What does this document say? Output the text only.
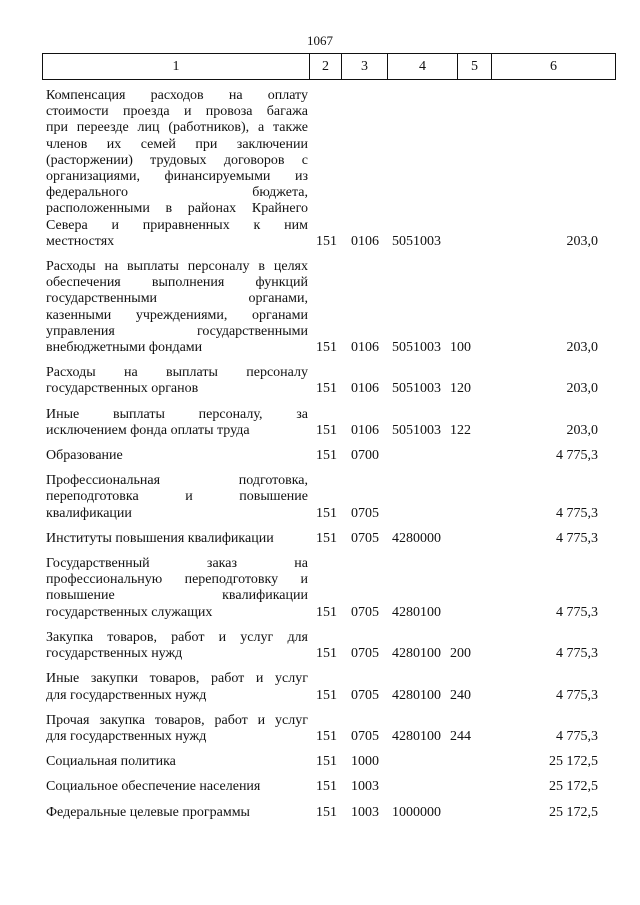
1067
1	2	3	4	5	6
Компенсация расходов на оплату
стоимости проезда и провоза багажа
при переезде лиц (работников), а также
членов их семей при заключении
(расторжении) трудовых договоров с
организациями, финансируемыми из
федерального бюджета,
расположенными в районах Крайнего
Севера и приравненных к ним
местностях	151 0106 5051003	203,0
Расходы на выплаты персоналу в целях
обеспечения выполнения функций
государственными органами,
казенными учреждениями, органами
управления государственными
внебюджетными фондами	151 0106 5051003 100	203,0
Расходы на выплаты персоналу
государственных органов	151 0106 5051003 120	203,0
Иные выплаты персоналу, за
исключением фонда оплаты труда	151 0106 5051003 122	203,0
Образование	151 0700	4 775,3
Профессиональная подготовка,
переподготовка и повышение
квалификации	151 0705	4 775,3
Институты повышения квалификации	151 0705 4280000	4 775,3
Государственный заказ на
профессиональную переподготовку и
повышение квалификации
государственных служащих	151 0705 4280100	4 775,3
Закупка товаров, работ и услуг для
государственных нужд	151 0705 4280100 200	4 775,3
Иные закупки товаров, работ и услуг
для государственных нужд	151 0705 4280100 240	4 775,3
Прочая закупка товаров, работ и услуг
для государственных нужд	151 0705 4280100 244	4 775,3
Социальная политика	151 1000	25 172,5
Социальное обеспечение населения	151 1003	25 172,5
Федеральные целевые программы	151 1003 1000000	25 172,5
